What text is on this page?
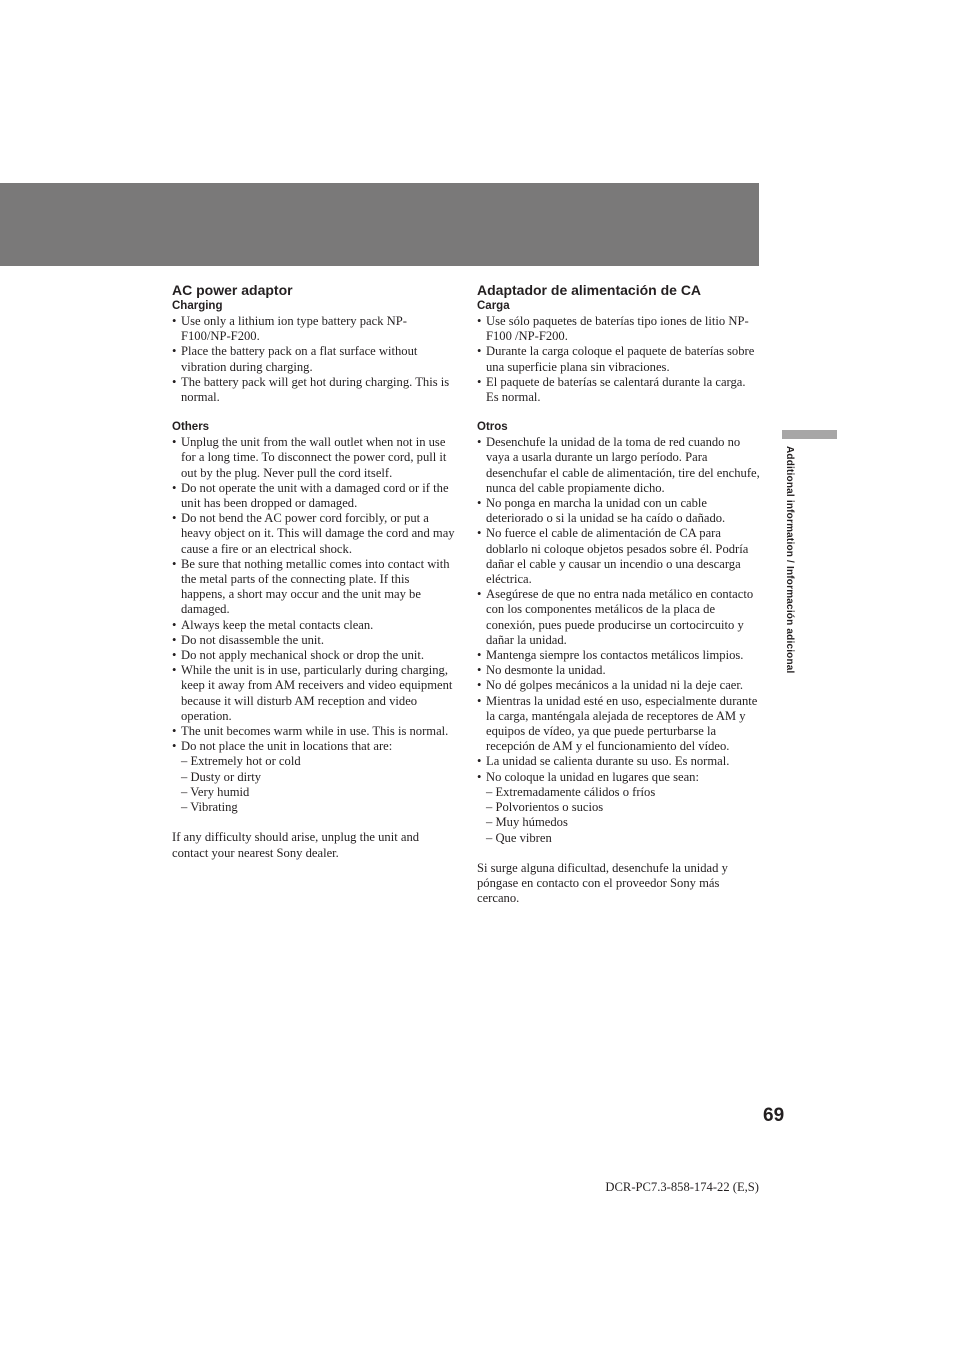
AC power adaptor
Charging
• Use only a lithium ion type battery pack NP-F100/NP-F200.
• Place the battery pack on a flat surface without vibration during charging.
• The battery pack will get hot during charging. This is normal.
Others
• Unplug the unit from the wall outlet when not in use for a long time. To disconnect the power cord, pull it out by the plug. Never pull the cord itself.
• Do not operate the unit with a damaged cord or if the unit has been dropped or damaged.
• Do not bend the AC power cord forcibly, or put a heavy object on it. This will damage the cord and may cause a fire or an electrical shock.
• Be sure that nothing metallic comes into contact with the metal parts of the connecting plate. If this happens, a short may occur and the unit may be damaged.
• Always keep the metal contacts clean.
• Do not disassemble the unit.
• Do not apply mechanical shock or drop the unit.
• While the unit is in use, particularly during charging, keep it away from AM receivers and video equipment because it will disturb AM reception and video operation.
• The unit becomes warm while in use. This is normal.
• Do not place the unit in locations that are:
– Extremely hot or cold
– Dusty or dirty
– Very humid
– Vibrating

If any difficulty should arise, unplug the unit and contact your nearest Sony dealer.

Adaptador de alimentación de CA
Carga
• Use sólo paquetes de baterías tipo iones de litio NP-F100 /NP-F200.
• Durante la carga coloque el paquete de baterías sobre una superficie plana sin vibraciones.
• El paquete de baterías se calentará durante la carga. Es normal.
Otros
• Desenchufe la unidad de la toma de red cuando no vaya a usarla durante un largo período. Para desenchufar el cable de alimentación, tire del enchufe, nunca del cable propiamente dicho.
• No ponga en marcha la unidad con un cable deteriorado o si la unidad se ha caído o dañado.
• No fuerce el cable de alimentación de CA para doblarlo ni coloque objetos pesados sobre él. Podría dañar el cable y causar un incendio o una descarga eléctrica.
• Asegúrese de que no entra nada metálico en contacto con los componentes metálicos de la placa de conexión, pues puede producirse un cortocircuito y dañar la unidad.
• Mantenga siempre los contactos metálicos limpios.
• No desmonte la unidad.
• No dé golpes mecánicos a la unidad ni la deje caer.
• Mientras la unidad esté en uso, especialmente durante la carga, manténgala alejada de receptores de AM y equipos de vídeo, ya que puede perturbarse la recepción de AM y el funcionamiento del vídeo.
• La unidad se calienta durante su uso. Es normal.
• No coloque la unidad en lugares que sean:
– Extremadamente cálidos o fríos
– Polvorientos o sucios
– Muy húmedos
– Que vibren

Si surge alguna dificultad, desenchufe la unidad y póngase en contacto con el proveedor Sony más cercano.

Additional information / Información adicional
69
DCR-PC7.3-858-174-22 (E,S)
